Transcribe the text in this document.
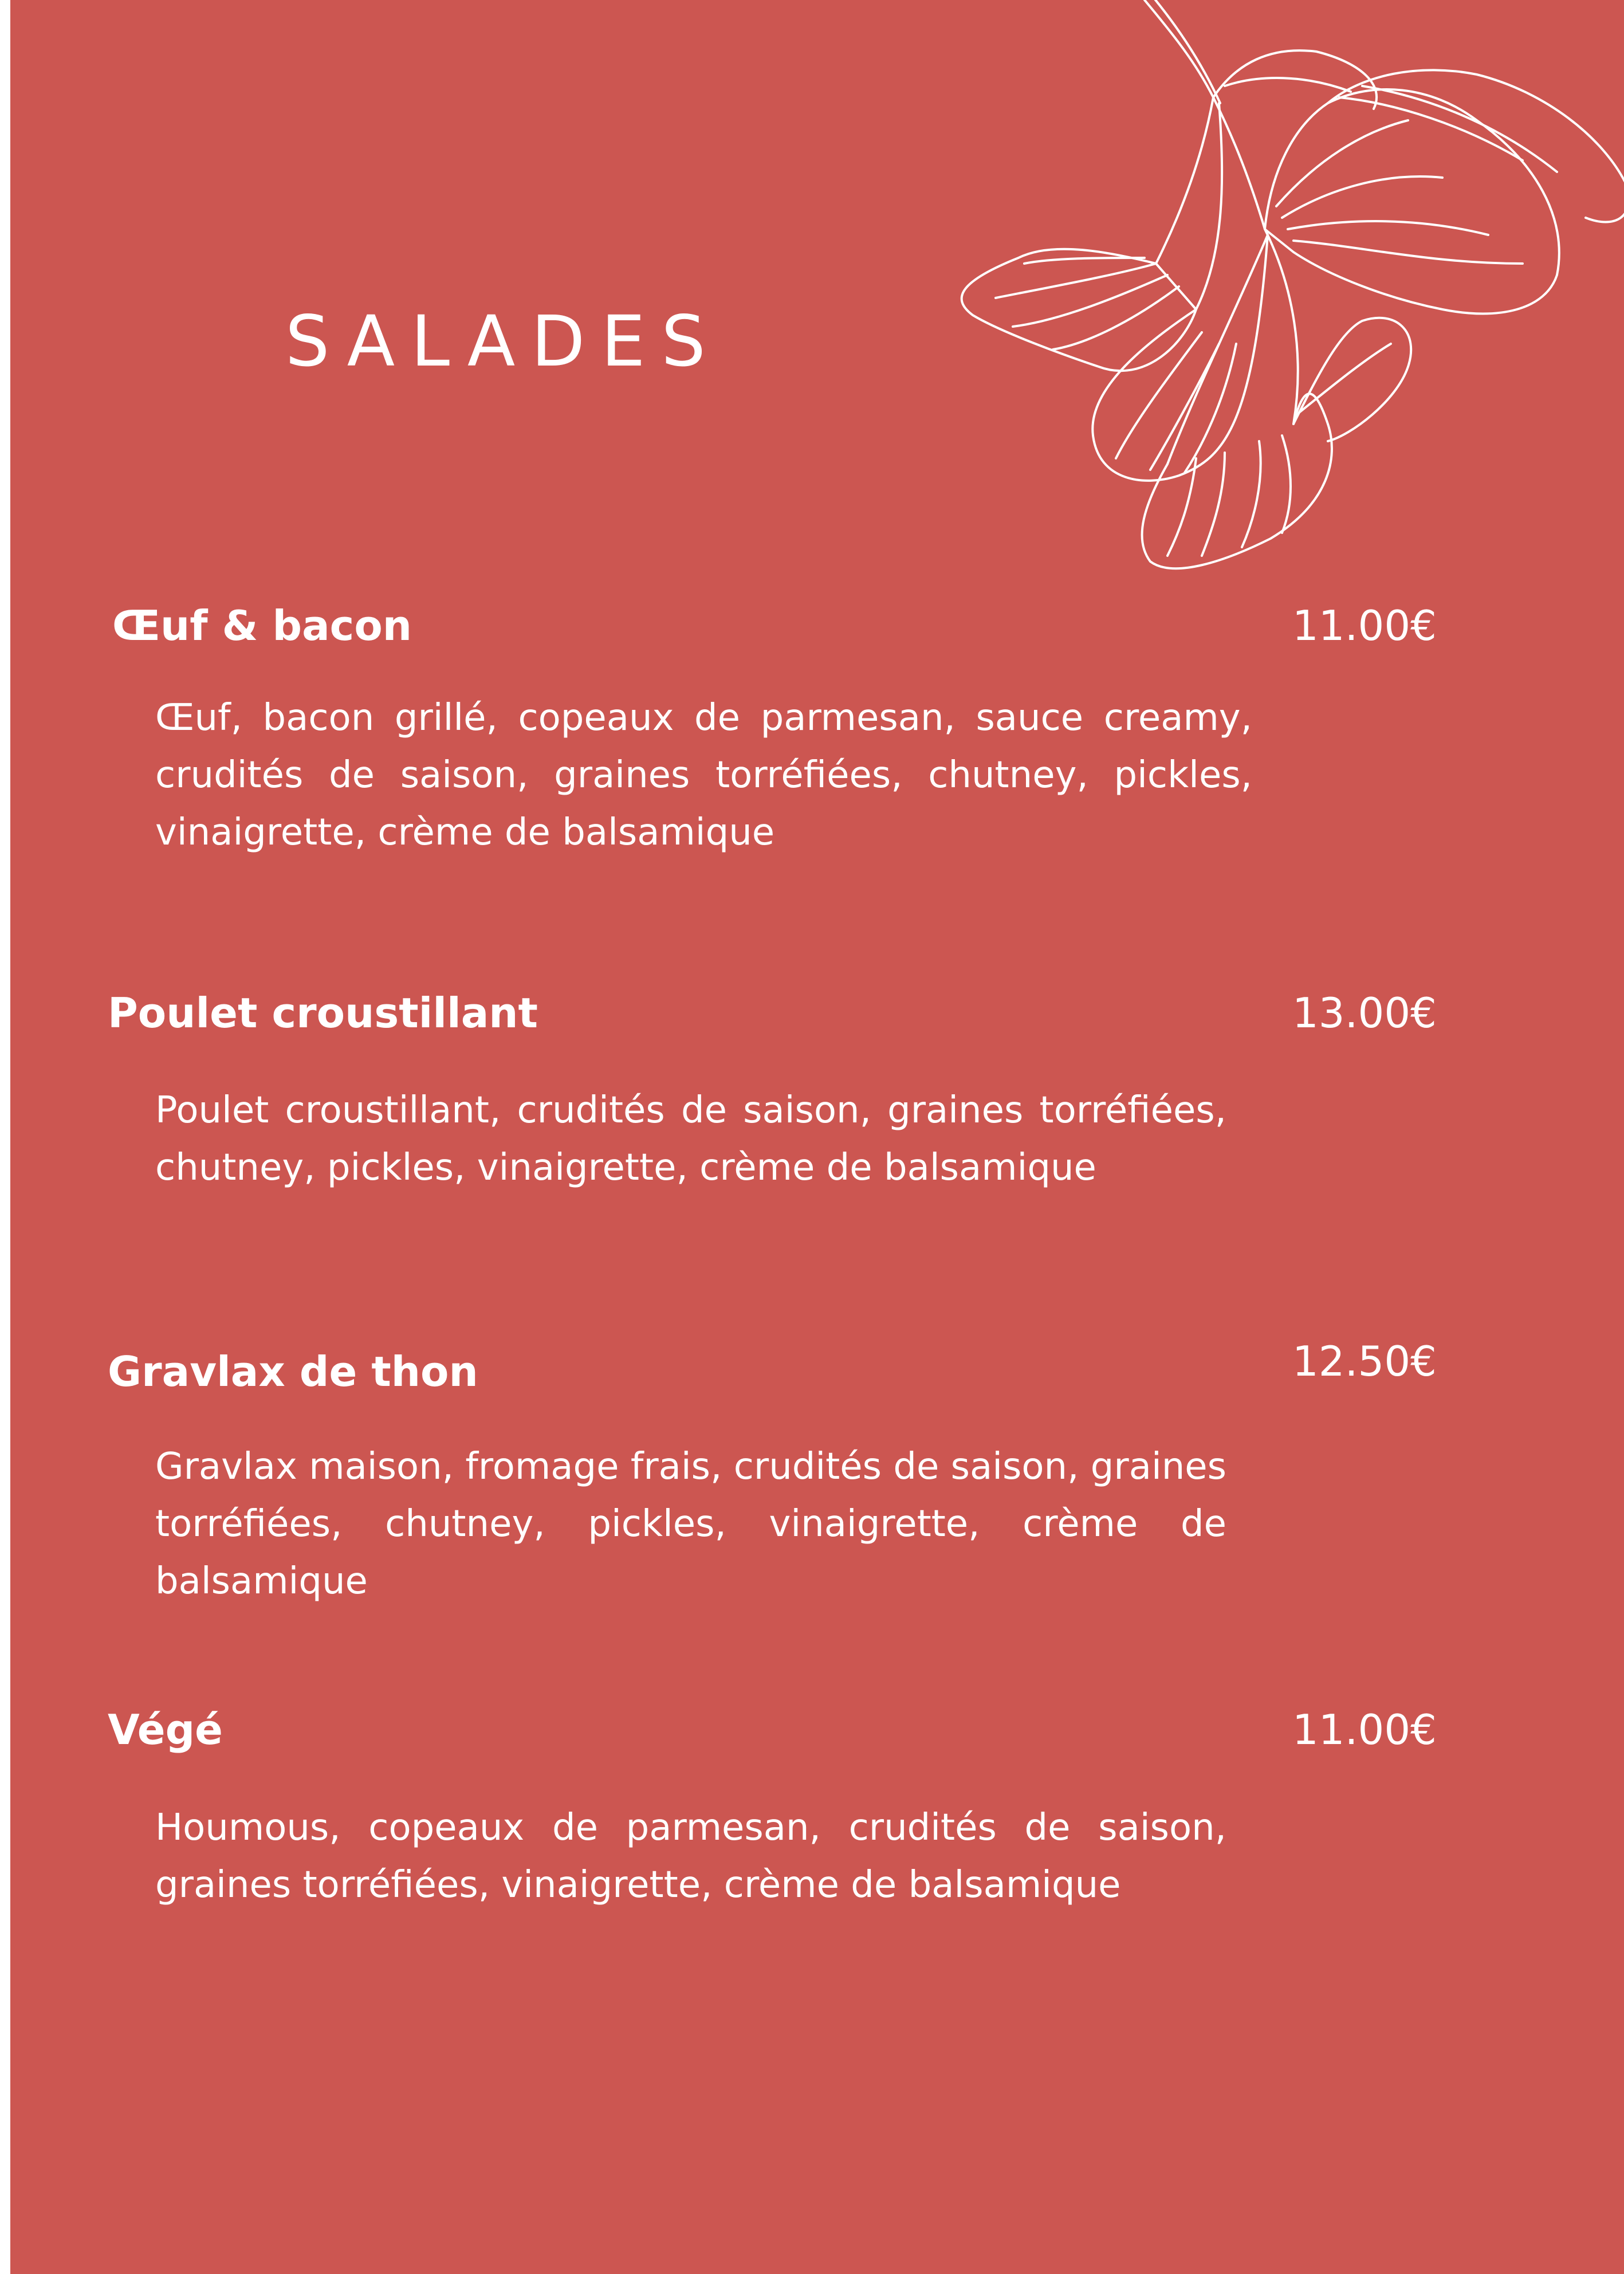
SALADES
Œuf & bacon	11.00€

Œuf, bacon grillé, copeaux de parmesan, sauce creamy, crudités de saison, graines torréfiées, chutney, pickles, vinaigrette, crème de balsamique

Poulet croustillant	13.00€

Poulet croustillant, crudités de saison, graines torréfiées, chutney, pickles, vinaigrette, crème de balsamique

Gravlax de thon	12.50€

Gravlax maison, fromage frais, crudités de saison, graines torréfiées, chutney, pickles, vinaigrette, crème de balsamique

Végé	11.00€

Houmous, copeaux de parmesan, crudités de saison, graines torréfiées, vinaigrette, crème de balsamique
